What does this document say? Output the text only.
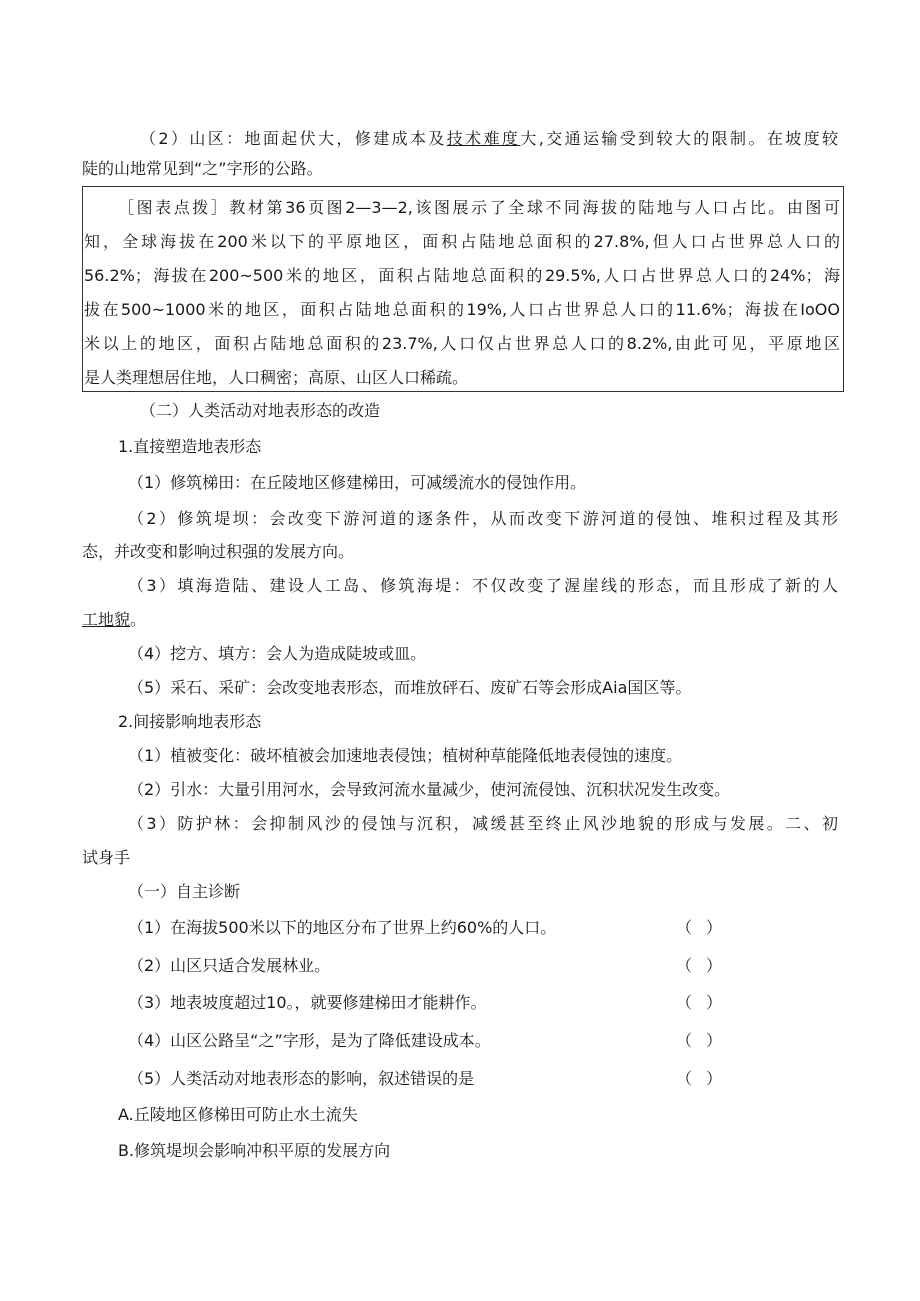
（2）山区：地面起伏大，修建成本及技术难度大,交通运输受到较大的限制。在坡度较
陡的山地常见到“之”字形的公路。
［图表点拨］教材第36页图2—3—2,该图展示了全球不同海拔的陆地与人口占比。由图可
知，全球海拔在200米以下的平原地区，面积占陆地总面积的27.8%,但人口占世界总人口的
56.2%；海拔在200~500米的地区，面积占陆地总面积的29.5%,人口占世界总人口的24%；海
拔在500~1000米的地区，面积占陆地总面积的19%,人口占世界总人口的11.6%；海拔在IoOO
米以上的地区，面积占陆地总面积的23.7%,人口仅占世界总人口的8.2%,由此可见，平原地区
是人类理想居住地，人口稠密；高原、山区人口稀疏。
（二）人类活动对地表形态的改造
1.直接塑造地表形态
（1）修筑梯田：在丘陵地区修建梯田，可减缓流水的侵蚀作用。
（2）修筑堤坝：会改变下游河道的逐条件，从而改变下游河道的侵蚀、堆积过程及其形
态，并改变和影响过积强的发展方向。
（3）填海造陆、建设人工岛、修筑海堤：不仅改变了渥崖线的形态，而且形成了新的人
工地貌。
（4）挖方、填方：会人为造成陡坡或皿。
（5）采石、采矿：会改变地表形态，而堆放砰石、废矿石等会形成Aia国区等。
2.间接影响地表形态
（1）植被变化：破坏植被会加速地表侵蚀；植树种草能隆低地表侵蚀的速度。
（2）引水：大量引用河水，会导致河流水量减少，使河流侵蚀、沉积状况发生改变。
（3）防护林：会抑制风沙的侵蚀与沉积，减缓甚至终止风沙地貌的形成与发展。二、初
试身手
（一）自主诊断
（1）在海拔500米以下的地区分布了世界上约60%的人口。	（ ）
（2）山区只适合发展林业。	（ ）
（3）地表坡度超过10。，就要修建梯田才能耕作。	（ ）
（4）山区公路呈“之”字形，是为了降低建设成本。	（ ）
（5）人类活动对地表形态的影响，叙述错误的是	（ ）
A.丘陵地区修梯田可防止水土流失
B.修筑堤坝会影响冲积平原的发展方向
